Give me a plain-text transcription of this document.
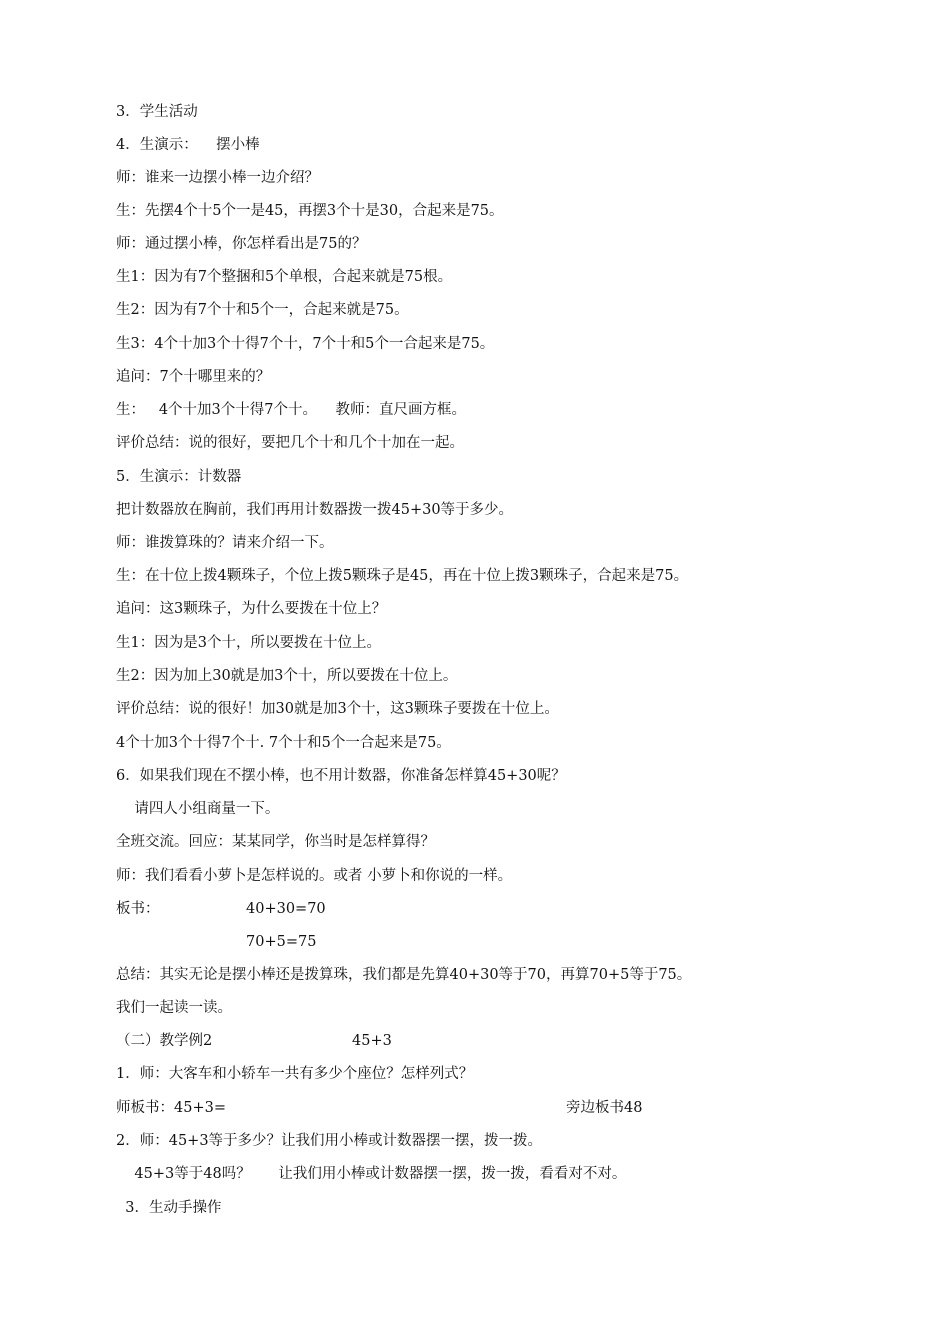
3．学生活动
4．生演示：    摆小棒
师：谁来一边摆小棒一边介绍？
生：先摆4个十5个一是45，再摆3个十是30，合起来是75。
师：通过摆小棒，你怎样看出是75的？
生1：因为有7个整捆和5个单根，合起来就是75根。
生2：因为有7个十和5个一，合起来就是75。
生3：4个十加3个十得7个十，7个十和5个一合起来是75。
追问：7个十哪里来的？
生：   4个十加3个十得7个十。    教师：直尺画方框。
评价总结：说的很好，要把几个十和几个十加在一起。
5．生演示：计数器
把计数器放在胸前，我们再用计数器拨一拨45+30等于多少。
师：谁拨算珠的？请来介绍一下。
生：在十位上拨4颗珠子，个位上拨5颗珠子是45，再在十位上拨3颗珠子，合起来是75。
追问：这3颗珠子，为什么要拨在十位上？
生1：因为是3个十，所以要拨在十位上。
生2：因为加上30就是加3个十，所以要拨在十位上。
评价总结：说的很好！加30就是加3个十，这3颗珠子要拨在十位上。
4个十加3个十得7个十. 7个十和5个一合起来是75。
6．如果我们现在不摆小棒，也不用计数器，你准备怎样算45+30呢？
请四人小组商量一下。
全班交流。回应：某某同学，你当时是怎样算得？
师：我们看看小萝卜是怎样说的。或者 小萝卜和你说的一样。
板书：	40+30=70
70+5=75
总结：其实无论是摆小棒还是拨算珠，我们都是先算40+30等于70，再算70+5等于75。
我们一起读一读。
（二）教学例2	45+3
1．师：大客车和小轿车一共有多少个座位？怎样列式？
师板书：45+3=	旁边板书48
2．师：45+3等于多少？让我们用小棒或计数器摆一摆，拨一拨。
45+3等于48吗？      让我们用小棒或计数器摆一摆，拨一拨，看看对不对。
3．生动手操作
